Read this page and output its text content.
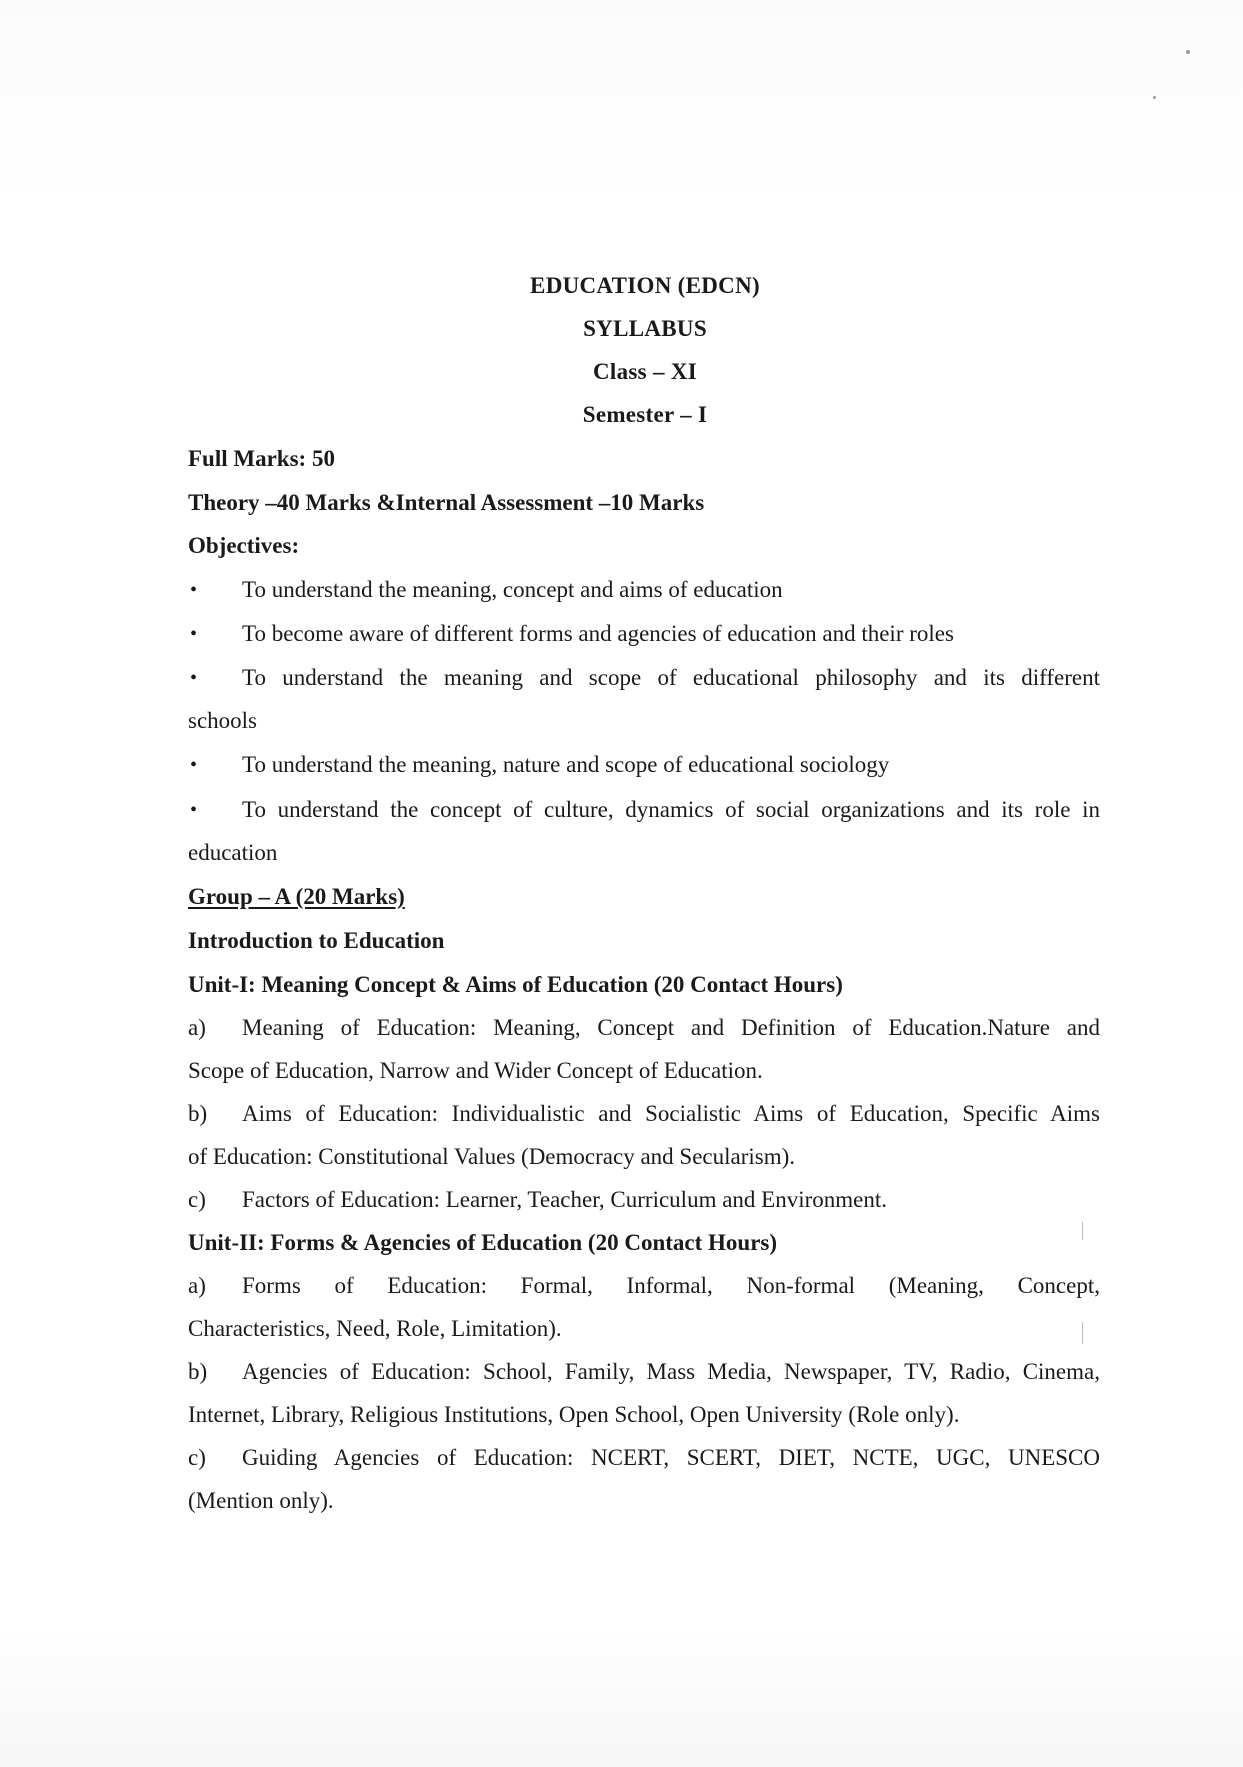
EDUCATION (EDCN)
SYLLABUS
Class – XI
Semester – I
Full Marks: 50
Theory –40 Marks &Internal Assessment –10 Marks
Objectives:
• To understand the meaning, concept and aims of education
• To become aware of different forms and agencies of education and their roles
• To understand the meaning and scope of educational philosophy and its different
schools
• To understand the meaning, nature and scope of educational sociology
• To understand the concept of culture, dynamics of social organizations and its role in
education
Group – A (20 Marks)
Introduction to Education
Unit-I: Meaning Concept & Aims of Education (20 Contact Hours)
a) Meaning of Education: Meaning, Concept and Definition of Education.Nature and
Scope of Education, Narrow and Wider Concept of Education.
b) Aims of Education: Individualistic and Socialistic Aims of Education, Specific Aims
of Education: Constitutional Values (Democracy and Secularism).
c) Factors of Education: Learner, Teacher, Curriculum and Environment.
Unit-II: Forms & Agencies of Education (20 Contact Hours)
a) Forms of Education: Formal, Informal, Non-formal (Meaning, Concept,
Characteristics, Need, Role, Limitation).
b) Agencies of Education: School, Family, Mass Media, Newspaper, TV, Radio, Cinema,
Internet, Library, Religious Institutions, Open School, Open University (Role only).
c) Guiding Agencies of Education: NCERT, SCERT, DIET, NCTE, UGC, UNESCO
(Mention only).
